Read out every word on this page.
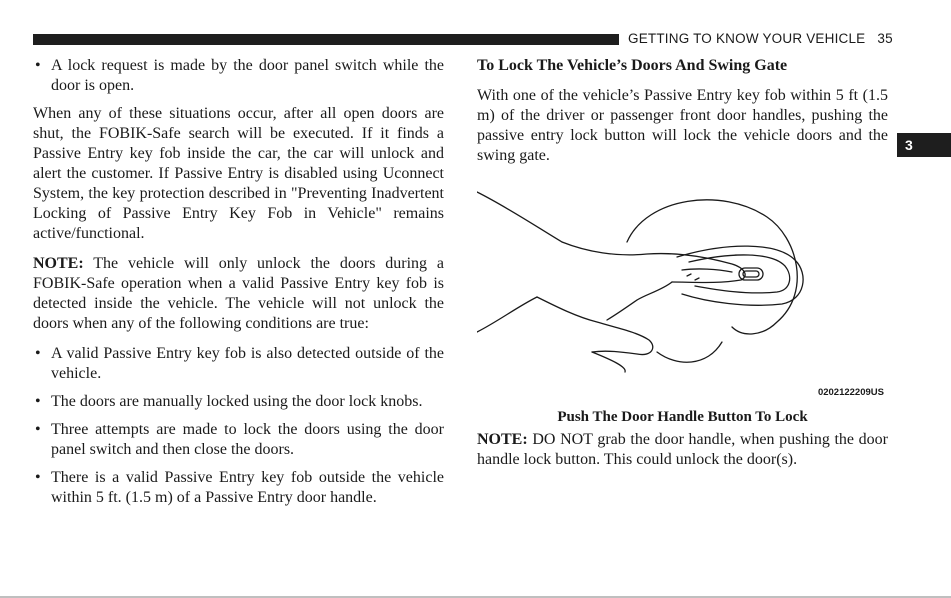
GETTING TO KNOW YOUR VEHICLE 35
3
• A lock request is made by the door panel switch while the door is open.

When any of these situations occur, after all open doors are shut, the FOBIK-Safe search will be executed. If it finds a Passive Entry key fob inside the car, the car will unlock and alert the customer. If Passive Entry is disabled using Uconnect System, the key protection described in "Preventing Inadvertent Locking of Passive Entry Key Fob in Vehicle" remains active/functional.

NOTE: The vehicle will only unlock the doors during a FOBIK-Safe operation when a valid Passive Entry key fob is detected inside the vehicle. The vehicle will not unlock the doors when any of the following conditions are true:

• A valid Passive Entry key fob is also detected outside of the vehicle.
• The doors are manually locked using the door lock knobs.
• Three attempts are made to lock the doors using the door panel switch and then close the doors.
• There is a valid Passive Entry key fob outside the vehicle within 5 ft. (1.5 m) of a Passive Entry door handle.

To Lock The Vehicle’s Doors And Swing Gate

With one of the vehicle’s Passive Entry key fob within 5 ft (1.5 m) of the driver or passenger front door handles, pushing the passive entry lock button will lock the vehicle doors and the swing gate.

0202122209US
Push The Door Handle Button To Lock

NOTE: DO NOT grab the door handle, when pushing the door handle lock button. This could unlock the door(s).
